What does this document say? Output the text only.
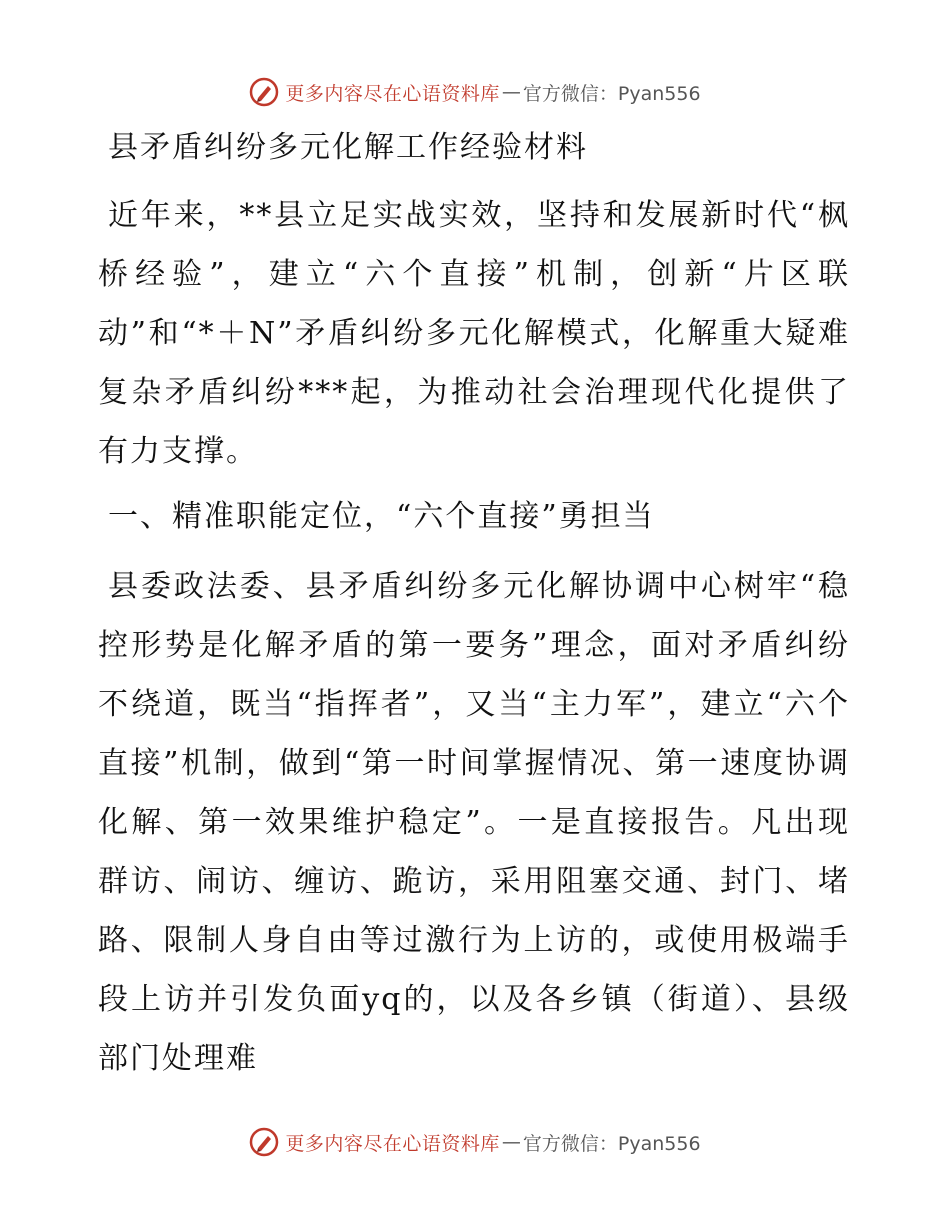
更多内容尽在心语资料库 — 官方微信：Pyan556
县矛盾纠纷多元化解工作经验材料

近年来，**县立足实战实效，坚持和发展新时代“枫桥经验”，建立“六个直接”机制，创新“片区联动”和“*＋N”矛盾纠纷多元化解模式，化解重大疑难复杂矛盾纠纷***起，为推动社会治理现代化提供了有力支撑。

一、精准职能定位，“六个直接”勇担当

县委政法委、县矛盾纠纷多元化解协调中心树牢“稳控形势是化解矛盾的第一要务”理念，面对矛盾纠纷不绕道，既当“指挥者”，又当“主力军”，建立“六个直接”机制，做到“第一时间掌握情况、第一速度协调化解、第一效果维护稳定”。一是直接报告。凡出现群访、闹访、缠访、跪访，采用阻塞交通、封门、堵路、限制人身自由等过激行为上访的，或使用极端手段上访并引发负面yq的，以及各乡镇（街道）、县级部门处理难

更多内容尽在心语资料库 — 官方微信：Pyan556
